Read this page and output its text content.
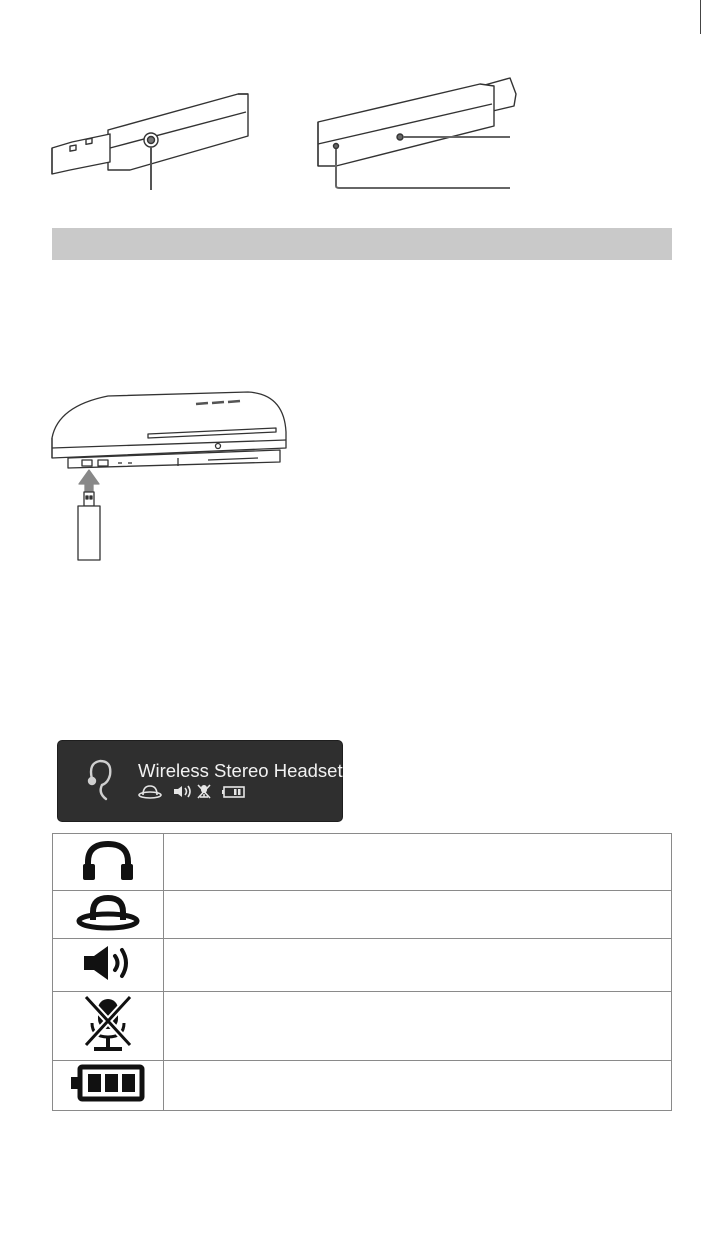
Wireless Stereo Headset
